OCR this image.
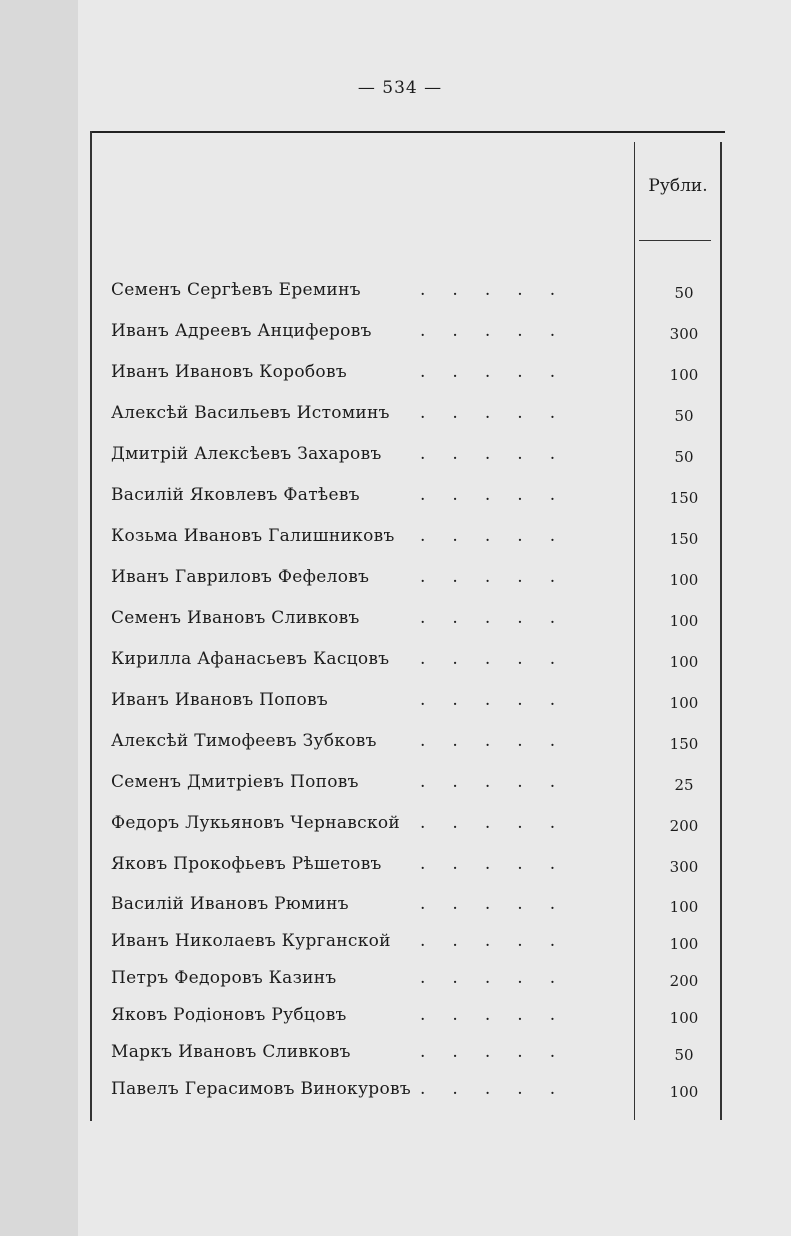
— 534 —
Рубли.
Семенъ Сергѣевъ Ереминъ	.     .     .     .     .	50
Иванъ Адреевъ Анциферовъ	.     .     .     .     .	300
Иванъ Ивановъ Коробовъ	.     .     .     .     .	100
Алексѣй Васильевъ Истоминъ .     .     .     .     .	50
Дмитрій Алексѣевъ Захаровъ .     .     .     .     .	50
Василій Яковлевъ Фатѣевъ	.     .     .     .     .	150
Козьма Ивановъ Галишниковъ .     .     .     .     .	150
Иванъ Гавриловъ Фефеловъ	.     .     .     .     .	100
Семенъ Ивановъ Сливковъ	.     .     .     .     .	100
Кирилла Афанасьевъ Касцовъ .     .     .     .     .	100
Иванъ Ивановъ Поповъ	.     .     .     .     .	100
Алексѣй Тимофеевъ Зубковъ	.     .     .     .     .	150
Семенъ Дмитріевъ Поповъ	.     .     .     .     .	25
Федоръ Лукьяновъ Чернавской .     .     .     .     .	200
Яковъ Прокофьевъ Рѣшетовъ .     .     .     .     .	300
Василій Ивановъ Рюминъ	.     .     .     .     .	100
Иванъ Николаевъ Курганской .     .     .     .     .	100
Петръ Федоровъ Казинъ	.     .     .     .     .	200
Яковъ Родіоновъ Рубцовъ	.     .     .     .     .	100
Маркъ Ивановъ Сливковъ	.     .     .     .     .	50
Павелъ Герасимовъ Винокуровъ .     .     .     .     .	100
